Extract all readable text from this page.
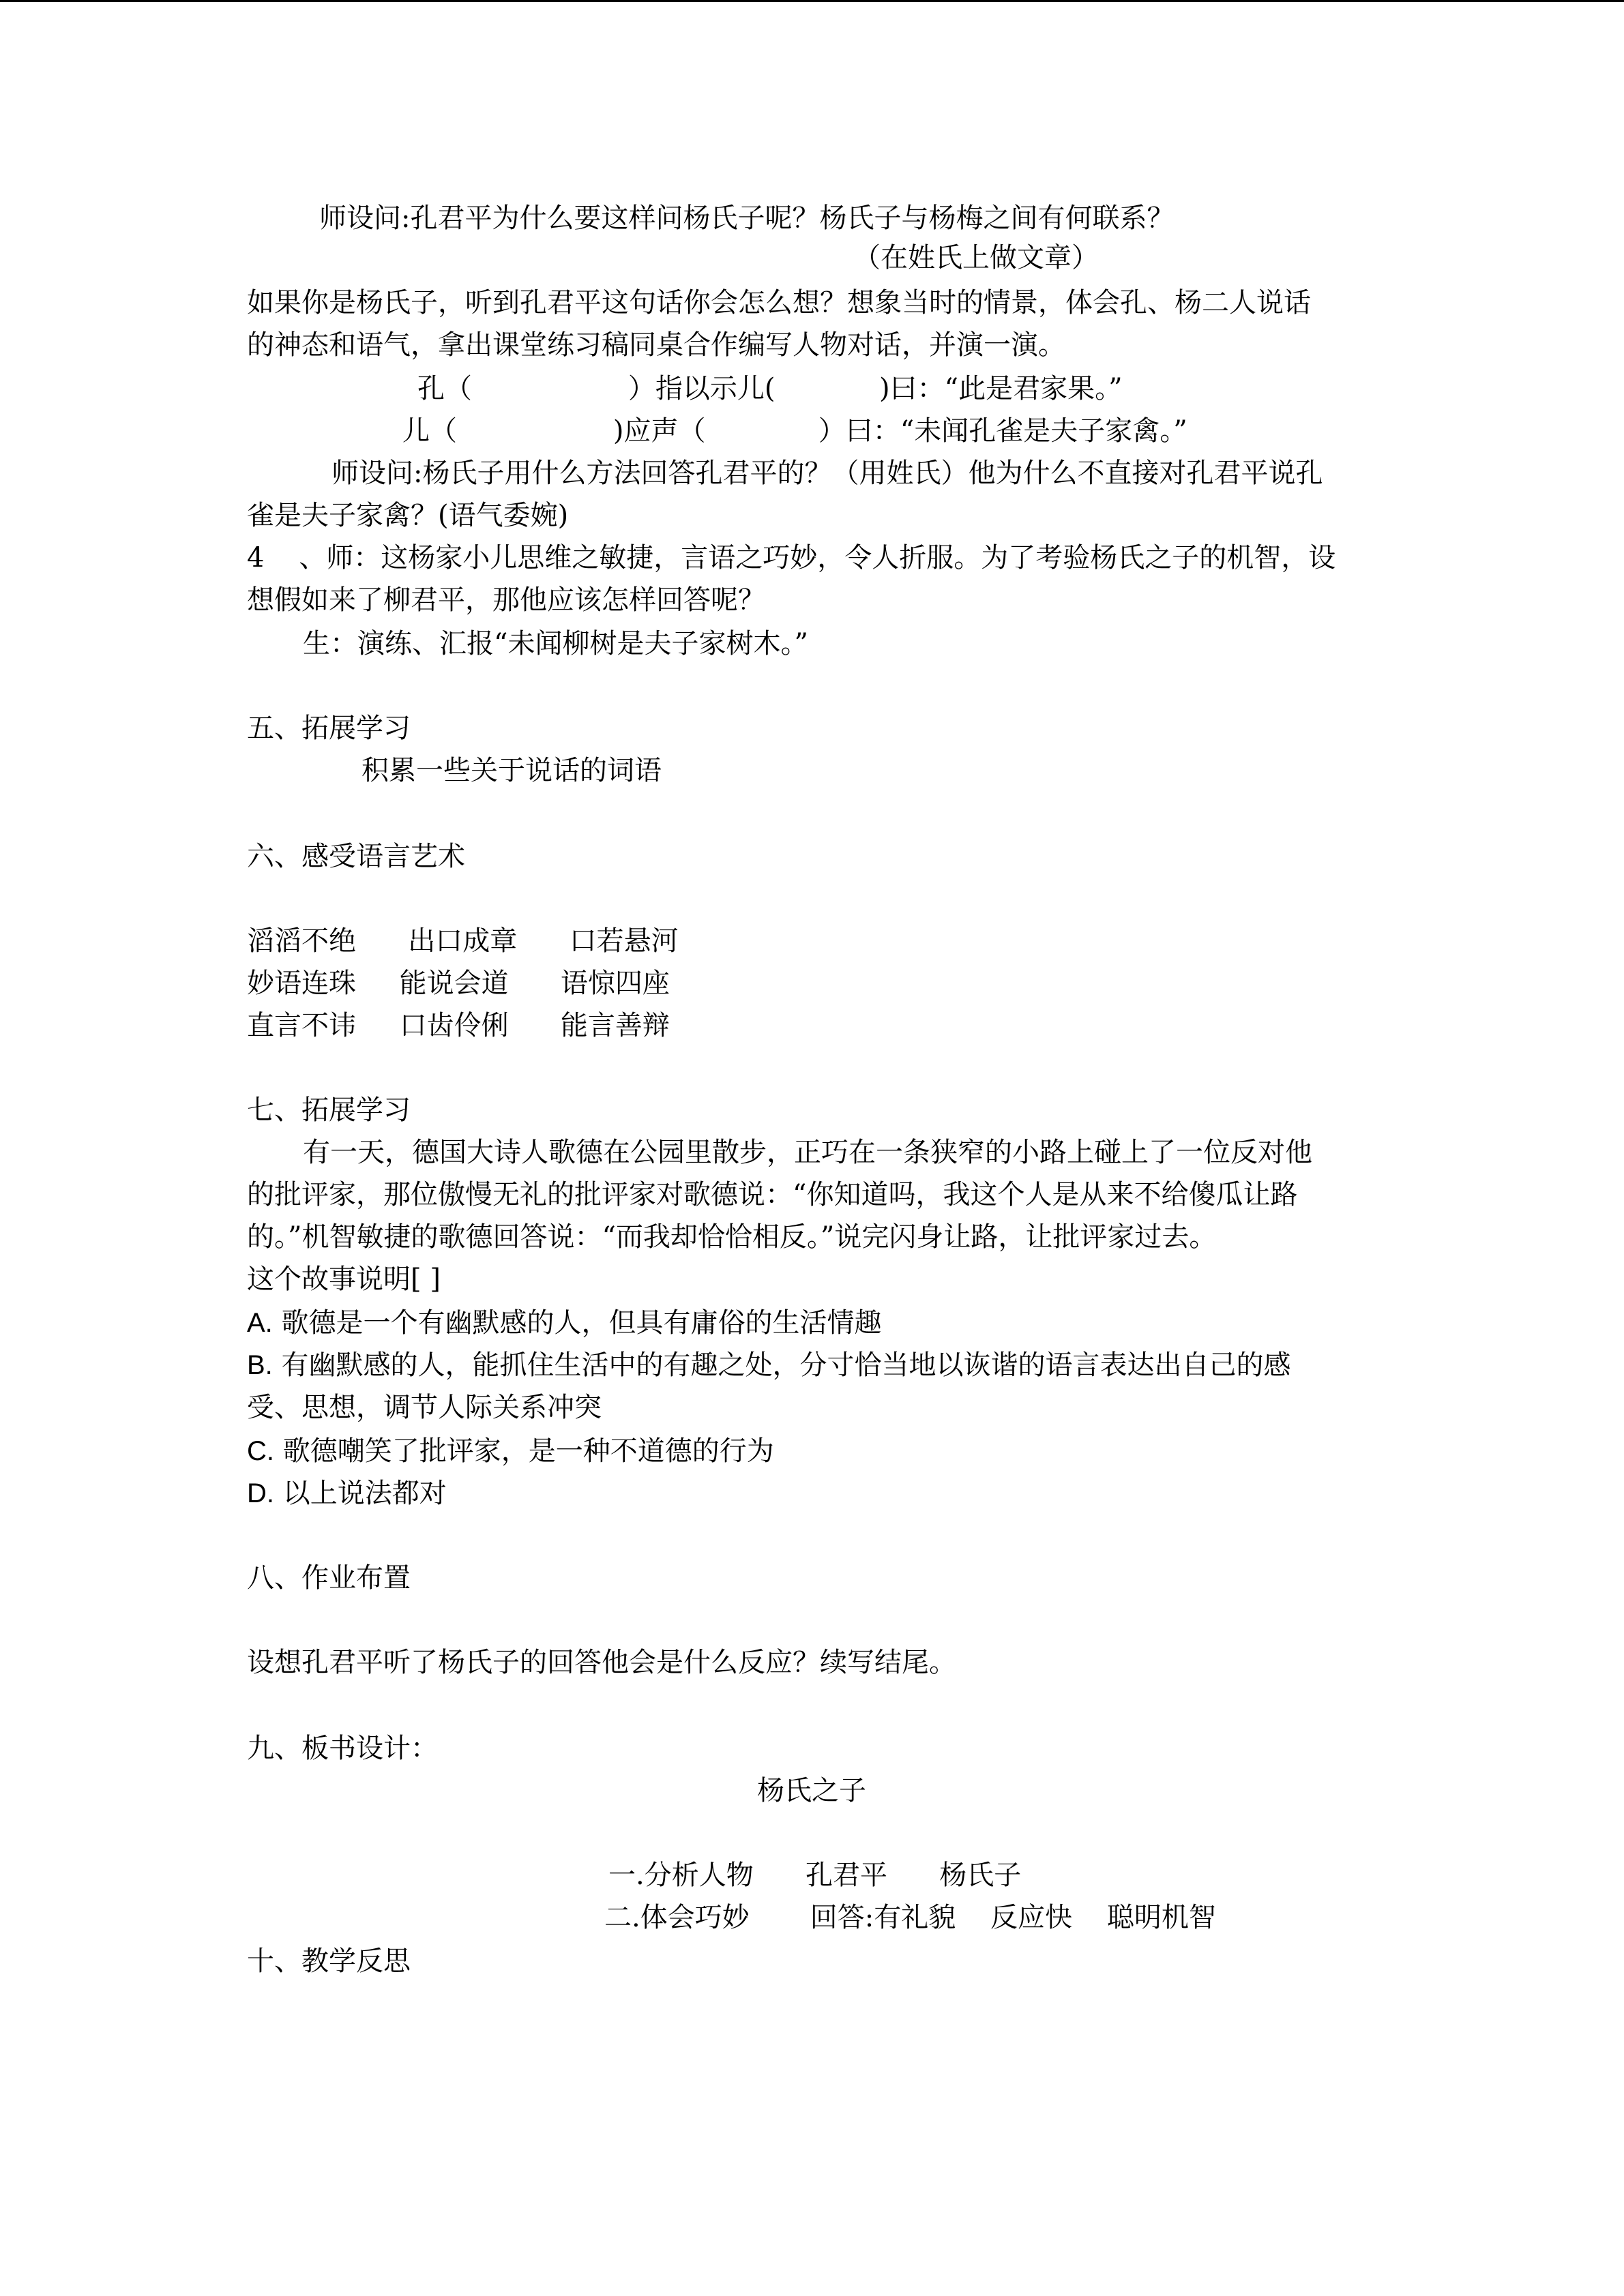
师设问:孔君平为什么要这样问杨氏子呢？杨氏子与杨梅之间有何联系？
（在姓氏上做文章）
如果你是杨氏子，听到孔君平这句话你会怎么想？想象当时的情景，体会孔、杨二人说话
的神态和语气，拿出课堂练习稿同桌合作编写人物对话，并演一演。
孔（                  ）指以示儿(            )曰：“此是君家果。”
儿（                  )应声（             ）曰：“未闻孔雀是夫子家禽。”
师设问:杨氏子用什么方法回答孔君平的？（用姓氏）他为什么不直接对孔君平说孔
雀是夫子家禽？(语气委婉)
4    、师：这杨家小儿思维之敏捷，言语之巧妙，令人折服。为了考验杨氏之子的机智，设
想假如来了柳君平，那他应该怎样回答呢？
生：演练、汇报“未闻柳树是夫子家树木。”
五、拓展学习
积累一些关于说话的词语
六、感受语言艺术
滔滔不绝      出口成章      口若悬河
妙语连珠     能说会道      语惊四座
直言不讳     口齿伶俐      能言善辩
七、拓展学习
有一天，德国大诗人歌德在公园里散步，正巧在一条狭窄的小路上碰上了一位反对他
的批评家，那位傲慢无礼的批评家对歌德说：“你知道吗，我这个人是从来不给傻瓜让路
的。”机智敏捷的歌德回答说：“而我却恰恰相反。”说完闪身让路，让批评家过去。
这个故事说明[ ]
A. 歌德是一个有幽默感的人，但具有庸俗的生活情趣
B. 有幽默感的人，能抓住生活中的有趣之处，分寸恰当地以诙谐的语言表达出自己的感
受、思想，调节人际关系冲突
C. 歌德嘲笑了批评家，是一种不道德的行为
D. 以上说法都对
八、作业布置
设想孔君平听了杨氏子的回答他会是什么反应？续写结尾。
九、板书设计：
杨氏之子
一.分析人物      孔君平      杨氏子
二.体会巧妙       回答:有礼貌    反应快    聪明机智
十、教学反思
